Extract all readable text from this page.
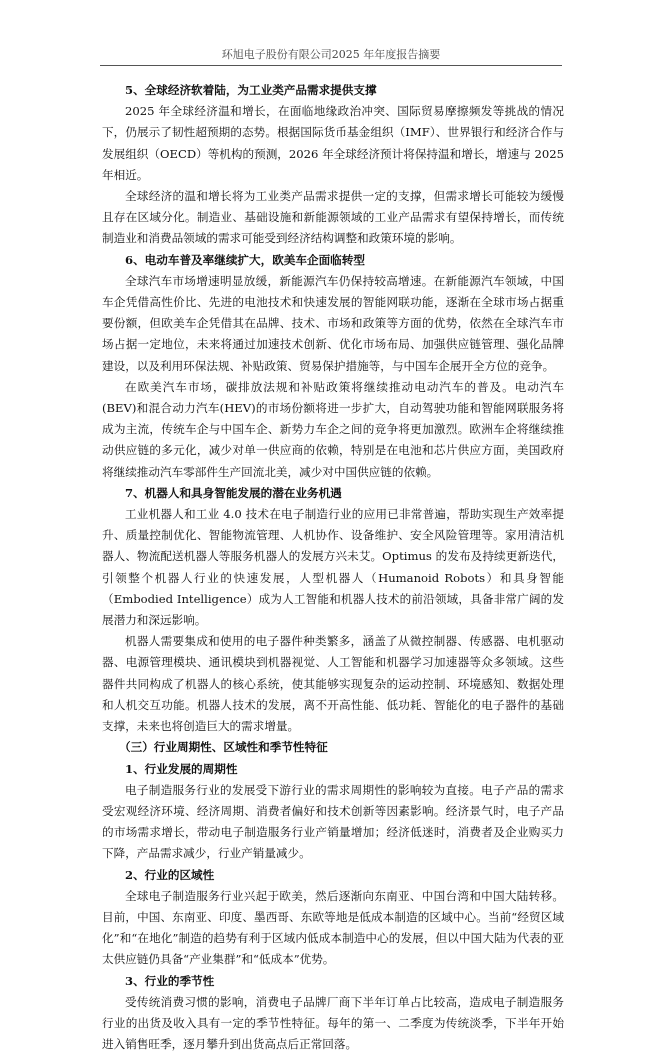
环旭电子股份有限公司2025 年年度报告摘要
5、全球经济软着陆，为工业类产品需求提供支撑

2025 年全球经济温和增长，在面临地缘政治冲突、国际贸易摩擦频发等挑战的情况下，仍展示了韧性超预期的态势。根据国际货币基金组织（IMF）、世界银行和经济合作与发展组织（OECD）等机构的预测，2026 年全球经济预计将保持温和增长，增速与 2025 年相近。

全球经济的温和增长将为工业类产品需求提供一定的支撑，但需求增长可能较为缓慢且存在区域分化。制造业、基础设施和新能源领域的工业产品需求有望保持增长，而传统制造业和消费品领域的需求可能受到经济结构调整和政策环境的影响。

6、电动车普及率继续扩大，欧美车企面临转型

全球汽车市场增速明显放缓，新能源汽车仍保持较高增速。在新能源汽车领域，中国车企凭借高性价比、先进的电池技术和快速发展的智能网联功能，逐渐在全球市场占据重要份额，但欧美车企凭借其在品牌、技术、市场和政策等方面的优势，依然在全球汽车市场占据一定地位，未来将通过加速技术创新、优化市场布局、加强供应链管理、强化品牌建设，以及利用环保法规、补贴政策、贸易保护措施等，与中国车企展开全方位的竞争。

在欧美汽车市场，碳排放法规和补贴政策将继续推动电动汽车的普及。电动汽车(BEV)和混合动力汽车(HEV)的市场份额将进一步扩大，自动驾驶功能和智能网联服务将成为主流，传统车企与中国车企、新势力车企之间的竞争将更加激烈。欧洲车企将继续推动供应链的多元化，减少对单一供应商的依赖，特别是在电池和芯片供应方面，美国政府将继续推动汽车零部件生产回流北美，减少对中国供应链的依赖。

7、机器人和具身智能发展的潜在业务机遇

工业机器人和工业 4.0 技术在电子制造行业的应用已非常普遍，帮助实现生产效率提升、质量控制优化、智能物流管理、人机协作、设备维护、安全风险管理等。家用清洁机器人、物流配送机器人等服务机器人的发展方兴未艾。Optimus 的发布及持续更新迭代，引领整个机器人行业的快速发展，人型机器人（Humanoid Robots）和具身智能（Embodied Intelligence）成为人工智能和机器人技术的前沿领域，具备非常广阔的发展潜力和深远影响。

机器人需要集成和使用的电子器件种类繁多，涵盖了从微控制器、传感器、电机驱动器、电源管理模块、通讯模块到机器视觉、人工智能和机器学习加速器等众多领域。这些器件共同构成了机器人的核心系统，使其能够实现复杂的运动控制、环境感知、数据处理和人机交互功能。机器人技术的发展，离不开高性能、低功耗、智能化的电子器件的基础支撑，未来也将创造巨大的需求增量。

（三）行业周期性、区域性和季节性特征
1、行业发展的周期性

电子制造服务行业的发展受下游行业的需求周期性的影响较为直接。电子产品的需求受宏观经济环境、经济周期、消费者偏好和技术创新等因素影响。经济景气时，电子产品的市场需求增长，带动电子制造服务行业产销量增加；经济低迷时，消费者及企业购买力下降，产品需求减少，行业产销量减少。

2、行业的区域性

全球电子制造服务行业兴起于欧美，然后逐渐向东南亚、中国台湾和中国大陆转移。目前，中国、东南亚、印度、墨西哥、东欧等地是低成本制造的区域中心。当前“经贸区域化”和“在地化”制造的趋势有利于区域内低成本制造中心的发展，但以中国大陆为代表的亚太供应链仍具备“产业集群”和“低成本”优势。

3、行业的季节性

受传统消费习惯的影响，消费电子品牌厂商下半年订单占比较高，造成电子制造服务行业的出货及收入具有一定的季节性特征。每年的第一、二季度为传统淡季，下半年开始进入销售旺季，逐月攀升到出货高点后正常回落。
